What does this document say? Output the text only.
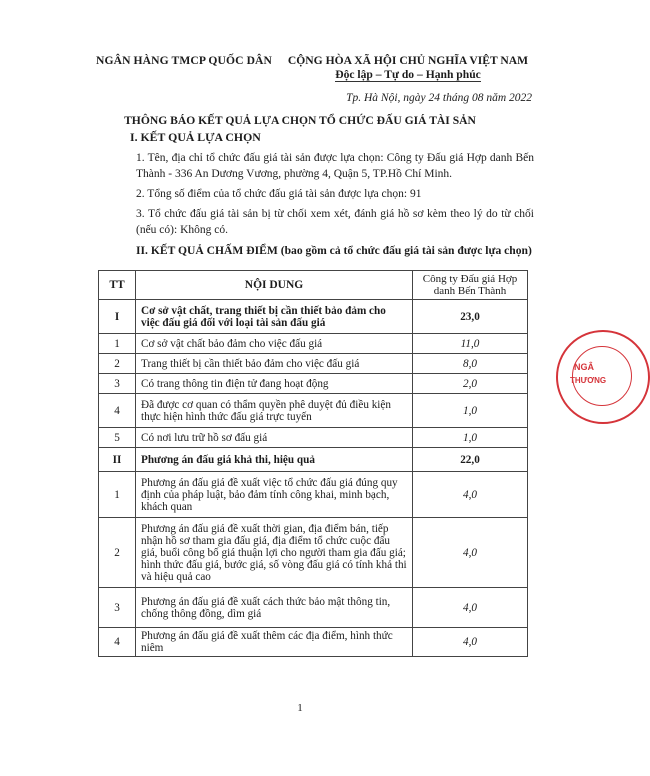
NGÂN HÀNG TMCP QUỐC DÂN	CỘNG HÒA XÃ HỘI CHỦ NGHĨA VIỆT NAM
Độc lập – Tự do – Hạnh phúc
Tp. Hà Nội, ngày 24 tháng 08 năm 2022
THÔNG BÁO KẾT QUẢ LỰA CHỌN TỔ CHỨC ĐẤU GIÁ TÀI SẢN
I. KẾT QUẢ LỰA CHỌN
1. Tên, địa chỉ tổ chức đấu giá tài sản được lựa chọn: Công ty Đấu giá Hợp danh Bến Thành - 336 An Dương Vương, phường 4, Quận 5, TP.Hồ Chí Minh.
2. Tổng số điểm của tổ chức đấu giá tài sản được lựa chọn: 91
3. Tổ chức đấu giá tài sản bị từ chối xem xét, đánh giá hồ sơ kèm theo lý do từ chối (nếu có): Không có.
II. KẾT QUẢ CHẤM ĐIỂM (bao gồm cả tổ chức đấu giá tài sản được lựa chọn)
TT	NỘI DUNG	Công ty Đấu giá Hợp danh Bến Thành
I	Cơ sở vật chất, trang thiết bị cần thiết bảo đảm cho việc đấu giá đối với loại tài sản đấu giá	23,0
1	Cơ sở vật chất bảo đảm cho việc đấu giá	11,0
2	Trang thiết bị cần thiết bảo đảm cho việc đấu giá	8,0
3	Có trang thông tin điện tử đang hoạt động	2,0
4	Đã được cơ quan có thẩm quyền phê duyệt đủ điều kiện thực hiện hình thức đấu giá trực tuyến	1,0
5	Có nơi lưu trữ hồ sơ đấu giá	1,0
II	Phương án đấu giá khả thi, hiệu quả	22,0
1	Phương án đấu giá đề xuất việc tổ chức đấu giá đúng quy định của pháp luật, bảo đảm tính công khai, minh bạch, khách quan	4,0
2	Phương án đấu giá đề xuất thời gian, địa điểm bán, tiếp nhận hồ sơ tham gia đấu giá, địa điểm tổ chức cuộc đấu giá, buổi công bố giá thuận lợi cho người tham gia đấu giá; hình thức đấu giá, bước giá, số vòng đấu giá có tính khả thi và hiệu quả cao	4,0
3	Phương án đấu giá đề xuất cách thức bảo mật thông tin, chống thông đồng, dìm giá	4,0
4	Phương án đấu giá đề xuất thêm các địa điểm, hình thức niêm	4,0
1
NGÂ
THƯƠNG
